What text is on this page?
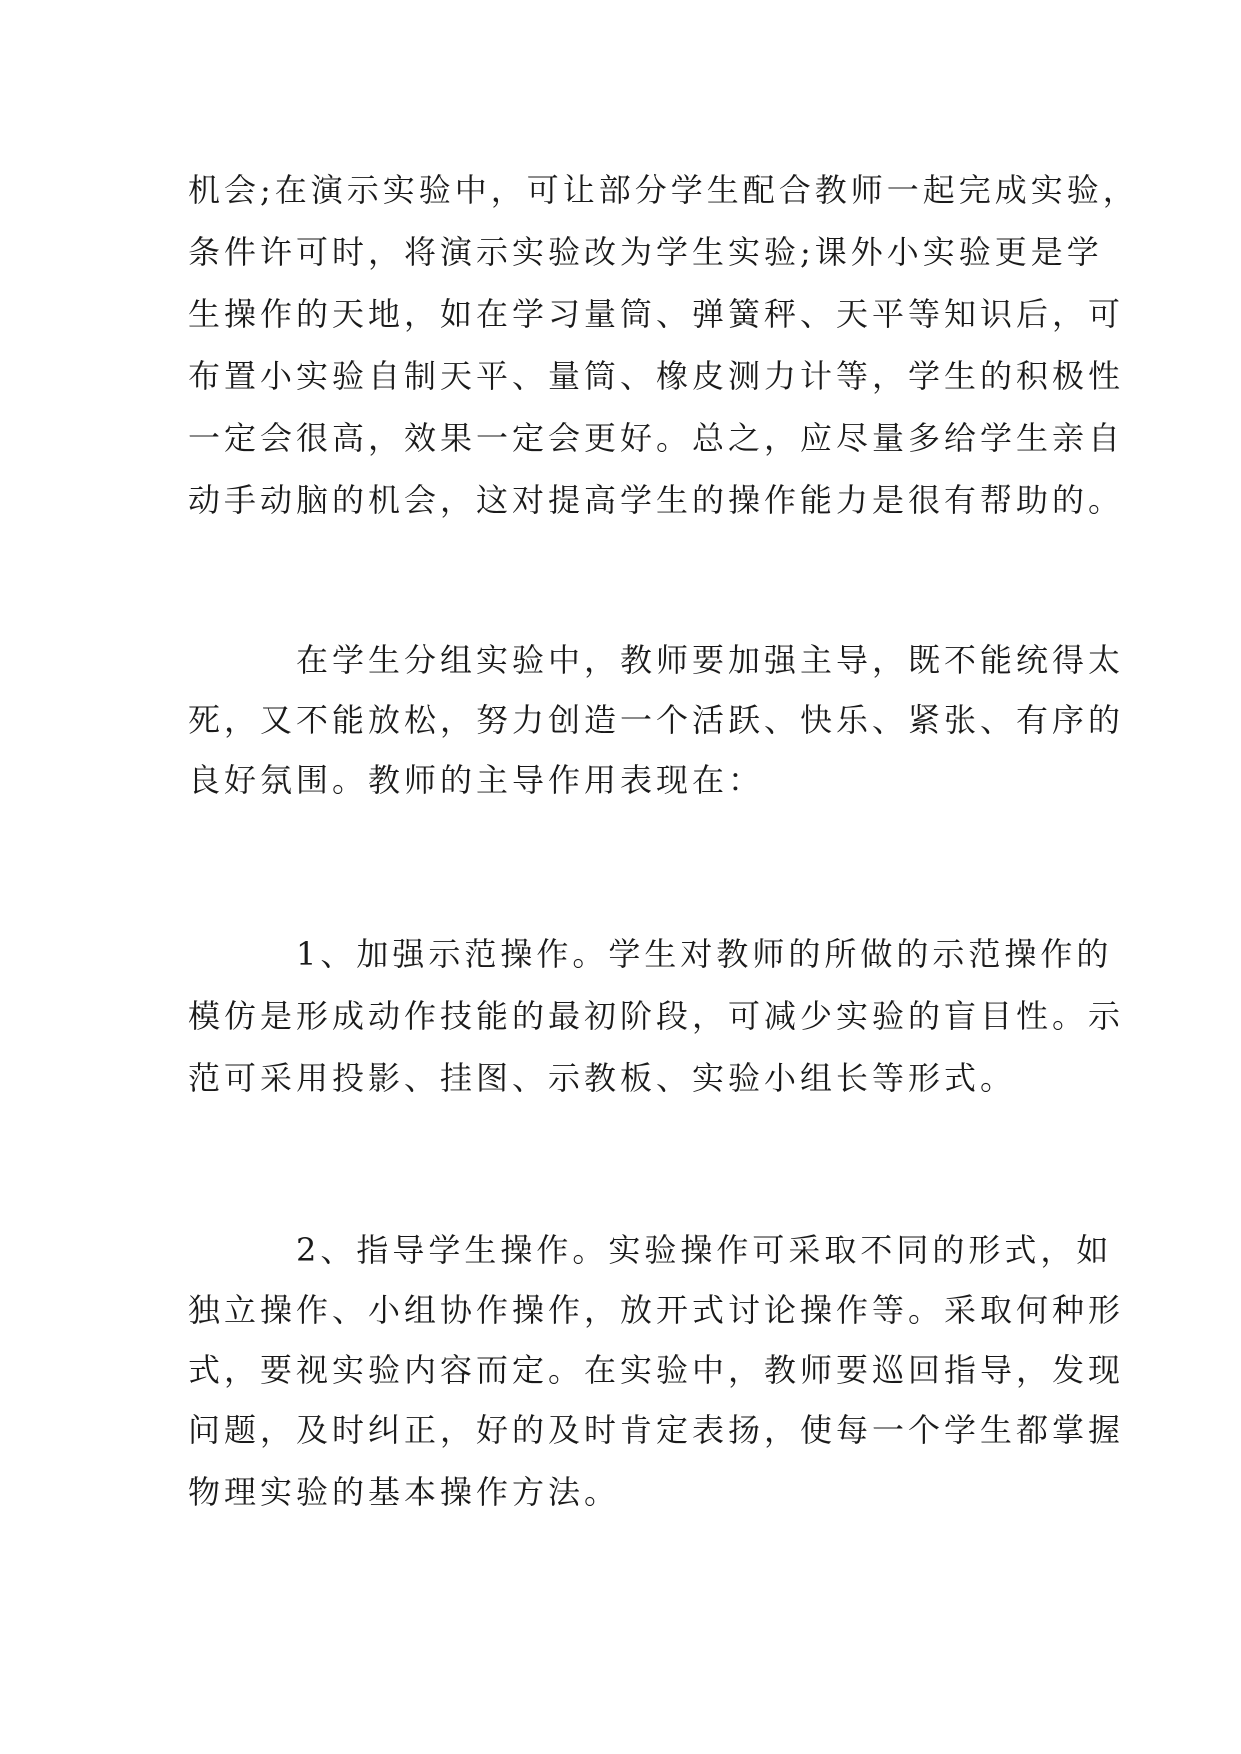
机会;在演示实验中，可让部分学生配合教师一起完成实验，
条件许可时，将演示实验改为学生实验;课外小实验更是学
生操作的天地，如在学习量筒、弹簧秤、天平等知识后，可
布置小实验自制天平、量筒、橡皮测力计等，学生的积极性
一定会很高，效果一定会更好。总之，应尽量多给学生亲自
动手动脑的机会，这对提高学生的操作能力是很有帮助的。
在学生分组实验中，教师要加强主导，既不能统得太
死，又不能放松，努力创造一个活跃、快乐、紧张、有序的
良好氛围。教师的主导作用表现在：
1、加强示范操作。学生对教师的所做的示范操作的
模仿是形成动作技能的最初阶段，可减少实验的盲目性。示
范可采用投影、挂图、示教板、实验小组长等形式。
2、指导学生操作。实验操作可采取不同的形式，如
独立操作、小组协作操作，放开式讨论操作等。采取何种形
式，要视实验内容而定。在实验中，教师要巡回指导，发现
问题，及时纠正，好的及时肯定表扬，使每一个学生都掌握
物理实验的基本操作方法。
